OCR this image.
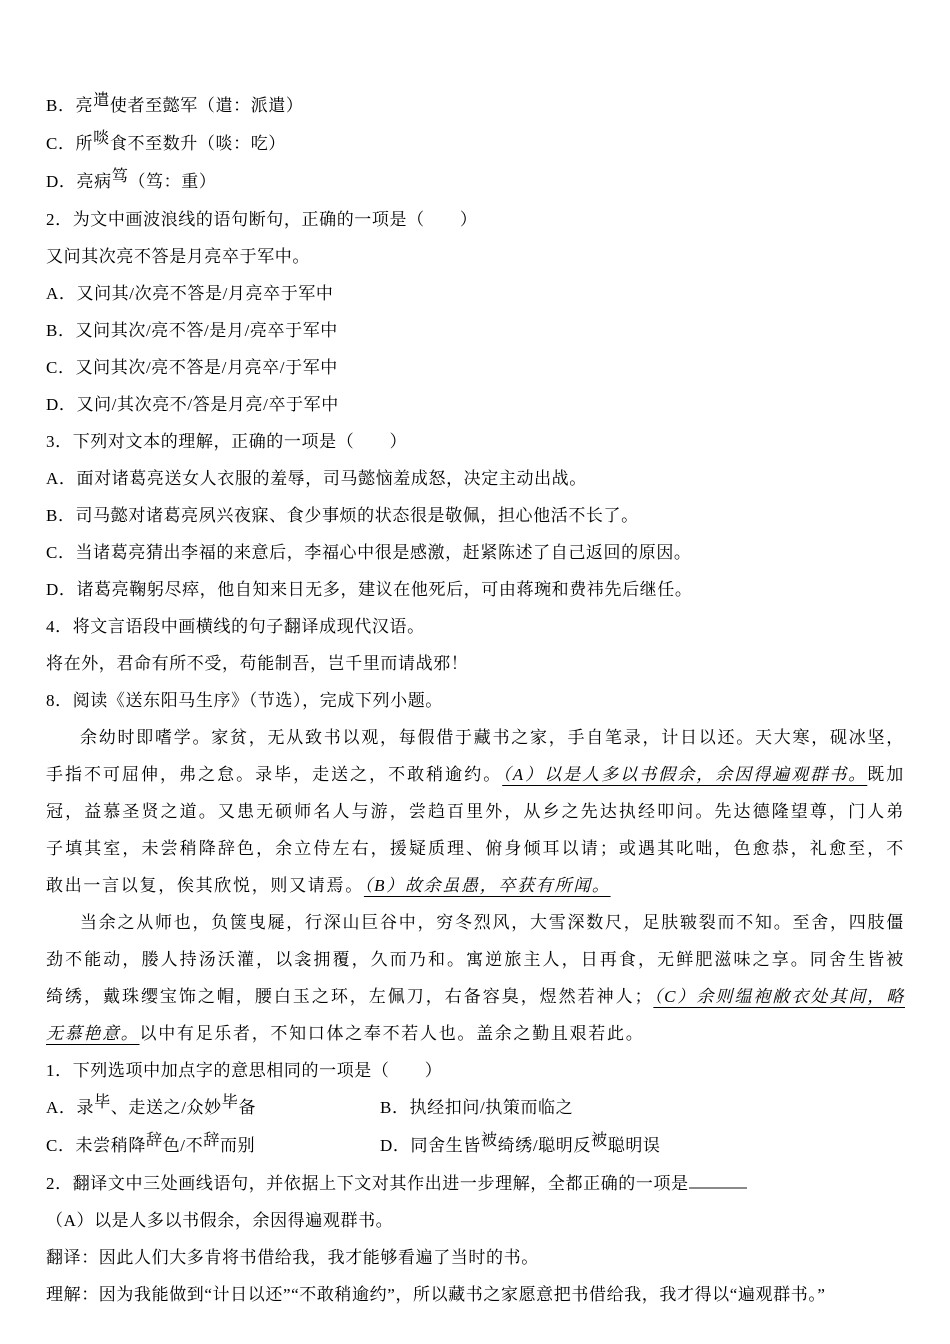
B．亮遣使者至懿军（遣：派遣）
C．所啖食不至数升（啖：吃）
D．亮病笃（笃：重）
2．为文中画波浪线的语句断句，正确的一项是（　　）
又问其次亮不答是月亮卒于军中。
A．又问其/次亮不答是/月亮卒于军中
B．又问其次/亮不答/是月/亮卒于军中
C．又问其次/亮不答是/月亮卒/于军中
D．又问/其次亮不/答是月亮/卒于军中
3．下列对文本的理解，正确的一项是（　　）
A．面对诸葛亮送女人衣服的羞辱，司马懿恼羞成怒，决定主动出战。
B．司马懿对诸葛亮夙兴夜寐、食少事烦的状态很是敬佩，担心他活不长了。
C．当诸葛亮猜出李福的来意后，李福心中很是感激，赶紧陈述了自己返回的原因。
D．诸葛亮鞠躬尽瘁，他自知来日无多，建议在他死后，可由蒋琬和费祎先后继任。
4．将文言语段中画横线的句子翻译成现代汉语。
将在外，君命有所不受，苟能制吾，岂千里而请战邪！
8．阅读《送东阳马生序》（节选），完成下列小题。
余幼时即嗜学。家贫，无从致书以观，每假借于藏书之家，手自笔录，计日以还。天大寒，砚冰坚，手指不可屈伸，弗之怠。录毕，走送之，不敢稍逾约。（A）以是人多以书假余，余因得遍观群书。既加冠，益慕圣贤之道。又患无硕师名人与游，尝趋百里外，从乡之先达执经叩问。先达德隆望尊，门人弟子填其室，未尝稍降辞色，余立侍左右，援疑质理、俯身倾耳以请；或遇其叱咄，色愈恭，礼愈至，不敢出一言以复，俟其欣悦，则又请焉。（B）故余虽愚，卒获有所闻。
当余之从师也，负箧曳屣，行深山巨谷中，穷冬烈风，大雪深数尺，足肤皲裂而不知。至舍，四肢僵劲不能动，媵人持汤沃灌，以衾拥覆，久而乃和。寓逆旅主人，日再食，无鲜肥滋味之享。同舍生皆被绮绣，戴珠缨宝饰之帽，腰白玉之环，左佩刀，右备容臭，煜然若神人；（C）余则缊袍敝衣处其间，略无慕艳意。以中有足乐者，不知口体之奉不若人也。盖余之勤且艰若此。
1．下列选项中加点字的意思相同的一项是（　　）
A．录毕、走送之/众妙毕备	B．执经扣问/执策而临之
C．未尝稍降辞色/不辞而别	D．同舍生皆被绮绣/聪明反被聪明误
2．翻译文中三处画线语句，并依据上下文对其作出进一步理解，全都正确的一项是
（A）以是人多以书假余，余因得遍观群书。
翻译：因此人们大多肯将书借给我，我才能够看遍了当时的书。
理解：因为我能做到“计日以还”“不敢稍逾约”，所以藏书之家愿意把书借给我，我才得以“遍观群书。”
